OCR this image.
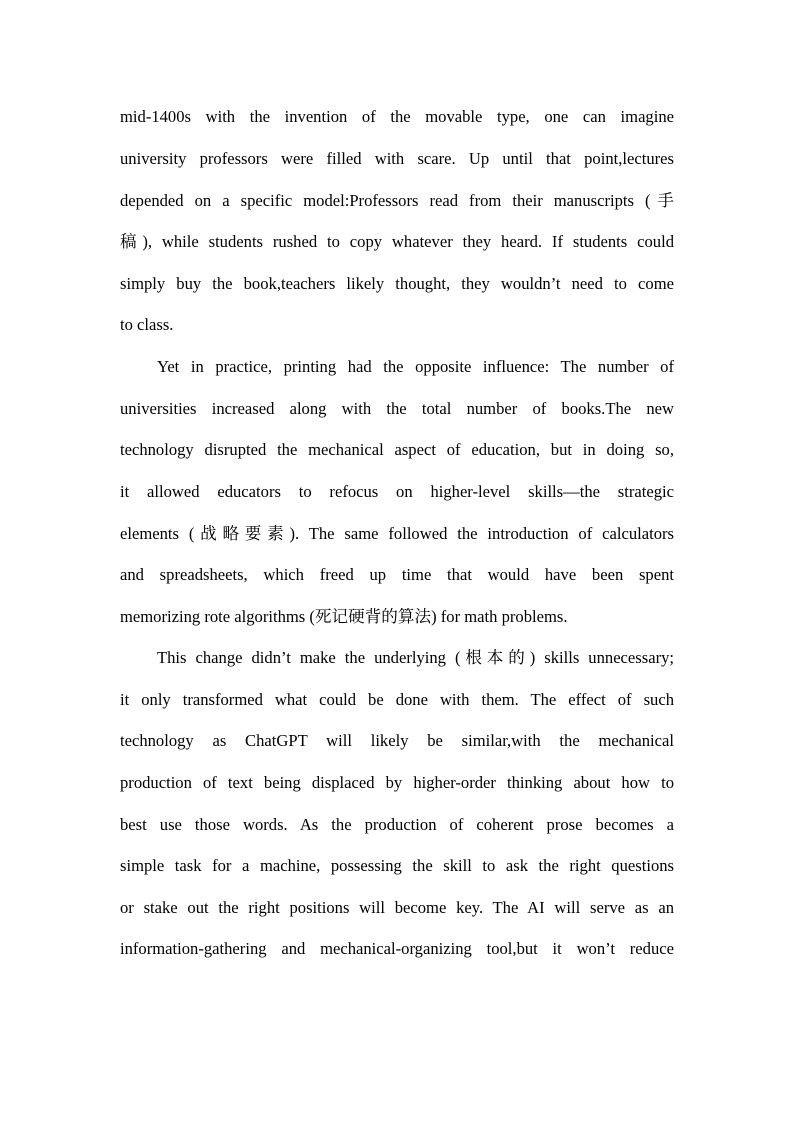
mid-1400s with the invention of the movable type, one can imagine
university professors were filled with scare. Up until that point,lectures
depended on a specific model:Professors read from their manuscripts (手
稿), while students rushed to copy whatever they heard. If students could
simply buy the book,teachers likely thought, they wouldn’t need to come
to class.
Yet in practice, printing had the opposite influence: The number of
universities increased along with the total number of books.The new
technology disrupted the mechanical aspect of education, but in doing so,
it allowed educators to refocus on higher-level skills—the strategic
elements (战略要素). The same followed the introduction of calculators
and spreadsheets, which freed up time that would have been spent
memorizing rote algorithms (死记硬背的算法) for math problems.
This change didn’t make the underlying (根本的) skills unnecessary;
it only transformed what could be done with them. The effect of such
technology as ChatGPT will likely be similar,with the mechanical
production of text being displaced by higher-order thinking about how to
best use those words. As the production of coherent prose becomes a
simple task for a machine, possessing the skill to ask the right questions
or stake out the right positions will become key. The AI will serve as an
information-gathering and mechanical-organizing tool,but it won’t reduce
